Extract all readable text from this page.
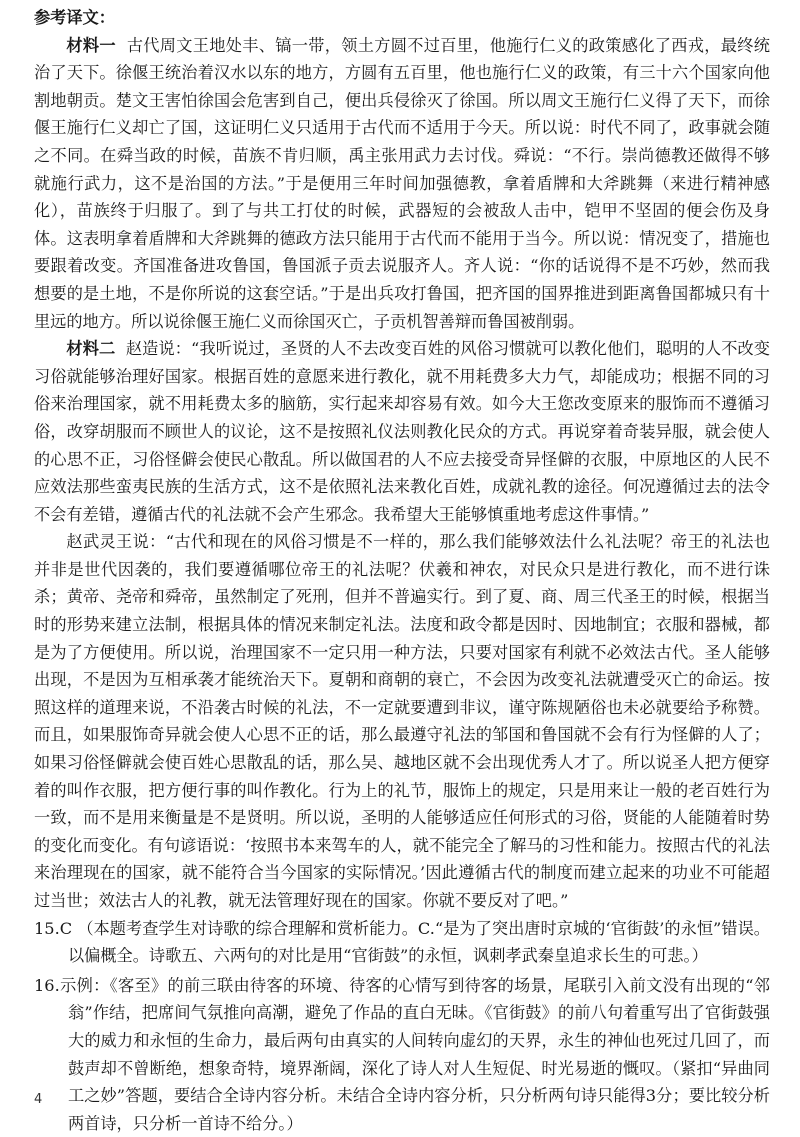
参考译文：

材料一 古代周文王地处丰、镐一带，领土方圆不过百里，他施行仁义的政策感化了西戎，最终统治了天下。徐偃王统治着汉水以东的地方，方圆有五百里，他也施行仁义的政策，有三十六个国家向他割地朝贡。楚文王害怕徐国会危害到自己，便出兵侵徐灭了徐国。所以周文王施行仁义得了天下，而徐偃王施行仁义却亡了国，这证明仁义只适用于古代而不适用于今天。所以说：时代不同了，政事就会随之不同。在舜当政的时候，苗族不肯归顺，禹主张用武力去讨伐。舜说：“不行。崇尚德教还做得不够就施行武力，这不是治国的方法。”于是便用三年时间加强德教，拿着盾牌和大斧跳舞（来进行精神感化），苗族终于归服了。到了与共工打仗的时候，武器短的会被敌人击中，铠甲不坚固的便会伤及身体。这表明拿着盾牌和大斧跳舞的德政方法只能用于古代而不能用于当今。所以说：情况变了，措施也要跟着改变。齐国准备进攻鲁国，鲁国派子贡去说服齐人。齐人说：“你的话说得不是不巧妙，然而我想要的是土地，不是你所说的这套空话。”于是出兵攻打鲁国，把齐国的国界推进到距离鲁国都城只有十里远的地方。所以说徐偃王施仁义而徐国灭亡，子贡机智善辩而鲁国被削弱。

材料二 赵造说：“我听说过，圣贤的人不去改变百姓的风俗习惯就可以教化他们，聪明的人不改变习俗就能够治理好国家。根据百姓的意愿来进行教化，就不用耗费多大力气，却能成功；根据不同的习俗来治理国家，就不用耗费太多的脑筋，实行起来却容易有效。如今大王您改变原来的服饰而不遵循习俗，改穿胡服而不顾世人的议论，这不是按照礼仪法则教化民众的方式。再说穿着奇装异服，就会使人的心思不正，习俗怪僻会使民心散乱。所以做国君的人不应去接受奇异怪僻的衣服，中原地区的人民不应效法那些蛮夷民族的生活方式，这不是依照礼法来教化百姓，成就礼教的途径。何况遵循过去的法令不会有差错，遵循古代的礼法就不会产生邪念。我希望大王能够慎重地考虑这件事情。”

赵武灵王说：“古代和现在的风俗习惯是不一样的，那么我们能够效法什么礼法呢？帝王的礼法也并非是世代因袭的，我们要遵循哪位帝王的礼法呢？伏羲和神农，对民众只是进行教化，而不进行诛杀；黄帝、尧帝和舜帝，虽然制定了死刑，但并不普遍实行。到了夏、商、周三代圣王的时候，根据当时的形势来建立法制，根据具体的情况来制定礼法。法度和政令都是因时、因地制宜；衣服和器械，都是为了方便使用。所以说，治理国家不一定只用一种方法，只要对国家有利就不必效法古代。圣人能够出现，不是因为互相承袭才能统治天下。夏朝和商朝的衰亡，不会因为改变礼法就遭受灭亡的命运。按照这样的道理来说，不沿袭古时候的礼法，不一定就要遭到非议，谨守陈规陋俗也未必就要给予称赞。而且，如果服饰奇异就会使人心思不正的话，那么最遵守礼法的邹国和鲁国就不会有行为怪僻的人了；如果习俗怪僻就会使百姓心思散乱的话，那么吴、越地区就不会出现优秀人才了。所以说圣人把方便穿着的叫作衣服，把方便行事的叫作教化。行为上的礼节，服饰上的规定，只是用来让一般的老百姓行为一致，而不是用来衡量是不是贤明。所以说，圣明的人能够适应任何形式的习俗，贤能的人能随着时势的变化而变化。有句谚语说：‘按照书本来驾车的人，就不能完全了解马的习性和能力。按照古代的礼法来治理现在的国家，就不能符合当今国家的实际情况。’因此遵循古代的制度而建立起来的功业不可能超过当世；效法古人的礼教，就无法管理好现在的国家。你就不要反对了吧。”

15.C （本题考查学生对诗歌的综合理解和赏析能力。C.“是为了突出唐时京城的‘官街鼓’的永恒”错误。以偏概全。诗歌五、六两句的对比是用“官街鼓”的永恒，讽刺孝武秦皇追求长生的可悲。）

16.示例：《客至》的前三联由待客的环境、待客的心情写到待客的场景，尾联引入前文没有出现的“邻翁”作结，把席间气氛推向高潮，避免了作品的直白无昧。《官街鼓》的前八句着重写出了官街鼓强大的威力和永恒的生命力，最后两句由真实的人间转向虚幻的天界，永生的神仙也死过几回了，而鼓声却不曾断绝，想象奇特，境界渐阔，深化了诗人对人生短促、时光易逝的慨叹。（紧扣“异曲同工之妙”答题，要结合全诗内容分析。未结合全诗内容分析，只分析两句诗只能得3分；要比较分析两首诗，只分析一首诗不给分。）

4
